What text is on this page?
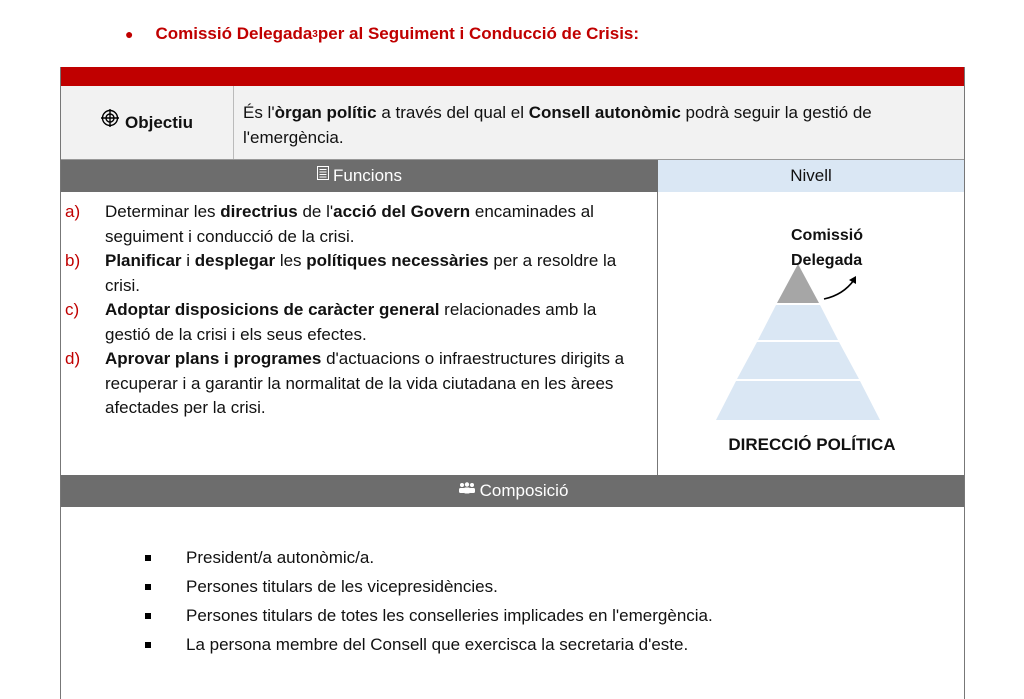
● Comissió Delegada 3 per al Seguiment i Conducció de Crisis:
Objectiu	És l'òrgan polític a través del qual el Consell autonòmic podrà seguir la gestió de l'emergència.
Funcions	Nivell
a)	Determinar les directrius de l'acció del Govern encaminades al seguiment i conducció de la crisi.
b)	Planificar i desplegar les polítiques necessàries per a resoldre la crisi.
c)	Adoptar disposicions de caràcter general relacionades amb la gestió de la crisi i els seus efectes.
d)	Aprovar plans i programes d'actuacions o infraestructures dirigits a recuperar i a garantir la normalitat de la vida ciutadana en les àrees afectades per la crisi.
Comissió
Delegada
DIRECCIÓ POLÍTICA
Composició
President/a autonòmic/a.
Persones titulars de les vicepresidències.
Persones titulars de totes les conselleries implicades en l'emergència.
La persona membre del Consell que exercisca la secretaria d'este.
